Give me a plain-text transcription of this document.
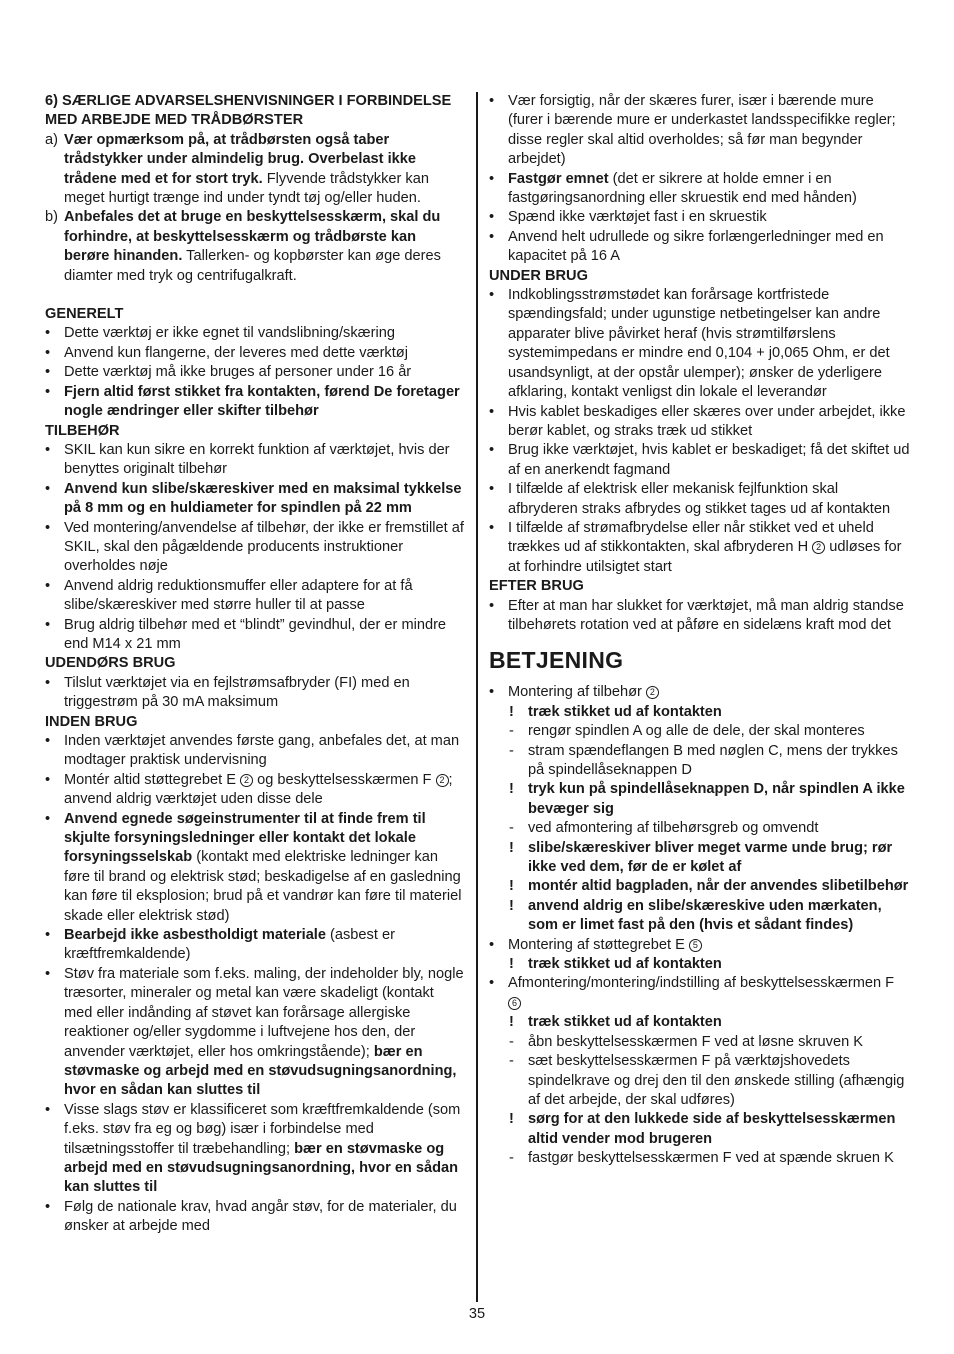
6) SÆRLIGE ADVARSELSHENVISNINGER I FORBINDELSE MED ARBEJDE MED TRÅDBØRSTER
a) Vær opmærksom på, at trådbørsten også taber trådstykker under almindelig brug. Overbelast ikke trådene med et for stort tryk. Flyvende trådstykker kan meget hurtigt trænge ind under tyndt tøj og/eller huden.
b) Anbefales det at bruge en beskyttelsesskærm, skal du forhindre, at beskyttelsesskærm og trådbørste kan berøre hinanden. Tallerken- og kopbørster kan øge deres diamter med tryk og centrifugalkraft.
GENERELT
• Dette værktøj er ikke egnet til vandslibning/skæring
• Anvend kun flangerne, der leveres med dette værktøj
• Dette værktøj må ikke bruges af personer under 16 år
• Fjern altid først stikket fra kontakten, førend De foretager nogle ændringer eller skifter tilbehør
TILBEHØR
• SKIL kan kun sikre en korrekt funktion af værktøjet, hvis der benyttes originalt tilbehør
• Anvend kun slibe/skæreskiver med en maksimal tykkelse på 8 mm og en huldiameter for spindlen på 22 mm
• Ved montering/anvendelse af tilbehør, der ikke er fremstillet af SKIL, skal den pågældende producents instruktioner overholdes nøje
• Anvend aldrig reduktionsmuffer eller adaptere for at få slibe/skæreskiver med større huller til at passe
• Brug aldrig tilbehør med et “blindt” gevindhul, der er mindre end M14 x 21 mm
UDENDØRS BRUG
• Tilslut værktøjet via en fejlstrømsafbryder (FI) med en triggestrøm på 30 mA maksimum
INDEN BRUG
• Inden værktøjet anvendes første gang, anbefales det, at man modtager praktisk undervisning
• Montér altid støttegrebet E 2 og beskyttelsesskærmen F 2 ; anvend aldrig værktøjet uden disse dele
• Anvend egnede søgeinstrumenter til at finde frem til skjulte forsyningsledninger eller kontakt det lokale forsyningsselskab (kontakt med elektriske ledninger kan føre til brand og elektrisk stød; beskadigelse af en gasledning kan føre til eksplosion; brud på et vandrør kan føre til materiel skade eller elektrisk stød)
• Bearbejd ikke asbestholdigt materiale (asbest er kræftfremkaldende)
• Støv fra materiale som f.eks. maling, der indeholder bly, nogle træsorter, mineraler og metal kan være skadeligt (kontakt med eller indånding af støvet kan forårsage allergiske reaktioner og/eller sygdomme i luftvejene hos den, der anvender værktøjet, eller hos omkringstående); bær en støvmaske og arbejd med en støvudsugningsanordning, hvor en sådan kan sluttes til
• Visse slags støv er klassificeret som kræftfremkaldende (som f.eks. støv fra eg og bøg) især i forbindelse med tilsætningsstoffer til træbehandling; bær en støvmaske og arbejd med en støvudsugningsanordning, hvor en sådan kan sluttes til
• Følg de nationale krav, hvad angår støv, for de materialer, du ønsker at arbejde med
• Vær forsigtig, når der skæres furer, især i bærende mure (furer i bærende mure er underkastet landsspecifikke regler; disse regler skal altid overholdes; så før man begynder arbejdet)
• Fastgør emnet (det er sikrere at holde emner i en fastgøringsanordning eller skruestik end med hånden)
• Spænd ikke værktøjet fast i en skruestik
• Anvend helt udrullede og sikre forlængerledninger med en kapacitet på 16 A
UNDER BRUG
• Indkoblingsstrømstødet kan forårsage kortfristede spændingsfald; under ugunstige netbetingelser kan andre apparater blive påvirket heraf (hvis strømtilførslens systemimpedans er mindre end 0,104 + j0,065 Ohm, er det usandsynligt, at der opstår ulemper); ønsker de yderligere afklaring, kontakt venligst din lokale el leverandør
• Hvis kablet beskadiges eller skæres over under arbejdet, ikke berør kablet, og straks træk ud stikket
• Brug ikke værktøjet, hvis kablet er beskadiget; få det skiftet ud af en anerkendt fagmand
• I tilfælde af elektrisk eller mekanisk fejlfunktion skal afbryderen straks afbrydes og stikket tages ud af kontakten
• I tilfælde af strømafbrydelse eller når stikket ved et uheld trækkes ud af stikkontakten, skal afbryderen H 2 udløses for at forhindre utilsigtet start
EFTER BRUG
• Efter at man har slukket for værktøjet, må man aldrig standse tilbehørets rotation ved at påføre en sidelæns kraft mod det
BETJENING
• Montering af tilbehør 2
! træk stikket ud af kontakten
- rengør spindlen A og alle de dele, der skal monteres
- stram spændeflangen B med nøglen C, mens der trykkes på spindellåseknappen D
! tryk kun på spindellåseknappen D, når spindlen A ikke bevæger sig
- ved afmontering af tilbehørsgreb og omvendt
! slibe/skæreskiver bliver meget varme unde brug; rør ikke ved dem, før de er kølet af
! montér altid bagpladen, når der anvendes slibetilbehør
! anvend aldrig en slibe/skæreskive uden mærkaten, som er limet fast på den (hvis et sådant findes)
• Montering af støttegrebet E 5
! træk stikket ud af kontakten
• Afmontering/montering/indstilling af beskyttelsesskærmen F 6
! træk stikket ud af kontakten
- åbn beskyttelsesskærmen F ved at løsne skruven K
- sæt beskyttelsesskærmen F på værktøjshovedets spindelkrave og drej den til den ønskede stilling (afhængig af det arbejde, der skal udføres)
! sørg for at den lukkede side af beskyttelsesskærmen altid vender mod brugeren
- fastgør beskyttelsesskærmen F ved at spænde skruen K
35
